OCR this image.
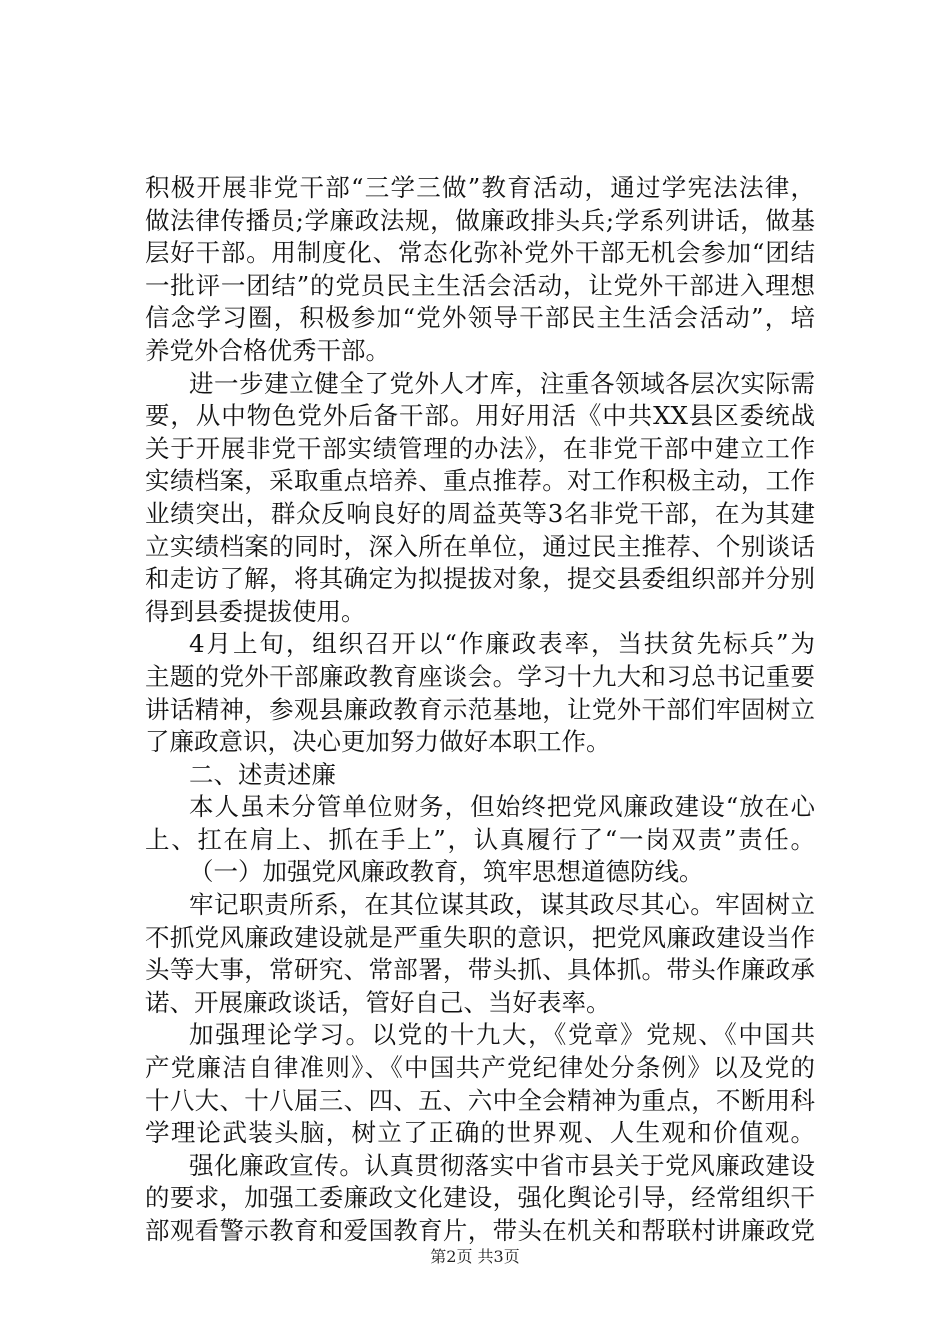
积极开展非党干部“三学三做”教育活动，通过学宪法法律，
做法律传播员;学廉政法规，做廉政排头兵;学系列讲话，做基
层好干部。用制度化、常态化弥补党外干部无机会参加“团结
一批评一团结”的党员民主生活会活动，让党外干部进入理想
信念学习圈，积极参加“党外领导干部民主生活会活动”，培
养党外合格优秀干部。
进一步建立健全了党外人才库，注重各领域各层次实际需
要，从中物色党外后备干部。用好用活《中共XX县区委统战
关于开展非党干部实绩管理的办法》，在非党干部中建立工作
实绩档案，采取重点培养、重点推荐。对工作积极主动，工作
业绩突出，群众反响良好的周益英等3名非党干部，在为其建
立实绩档案的同时，深入所在单位，通过民主推荐、个别谈话
和走访了解，将其确定为拟提拔对象，提交县委组织部并分别
得到县委提拔使用。
4月上旬，组织召开以“作廉政表率，当扶贫先标兵”为
主题的党外干部廉政教育座谈会。学习十九大和习总书记重要
讲话精神，参观县廉政教育示范基地，让党外干部们牢固树立
了廉政意识，决心更加努力做好本职工作。
二、述责述廉
本人虽未分管单位财务，但始终把党风廉政建设“放在心
上、扛在肩上、抓在手上”，认真履行了“一岗双责”责任。
（一）加强党风廉政教育，筑牢思想道德防线。
牢记职责所系，在其位谋其政，谋其政尽其心。牢固树立
不抓党风廉政建设就是严重失职的意识，把党风廉政建设当作
头等大事，常研究、常部署，带头抓、具体抓。带头作廉政承
诺、开展廉政谈话，管好自己、当好表率。
加强理论学习。以党的十九大，《党章》党规、《中国共
产党廉洁自律准则》、《中国共产党纪律处分条例》以及党的
十八大、十八届三、四、五、六中全会精神为重点，不断用科
学理论武装头脑，树立了正确的世界观、人生观和价值观。
强化廉政宣传。认真贯彻落实中省市县关于党风廉政建设
的要求，加强工委廉政文化建设，强化舆论引导，经常组织干
部观看警示教育和爱国教育片，带头在机关和帮联村讲廉政党
第2页 共3页
